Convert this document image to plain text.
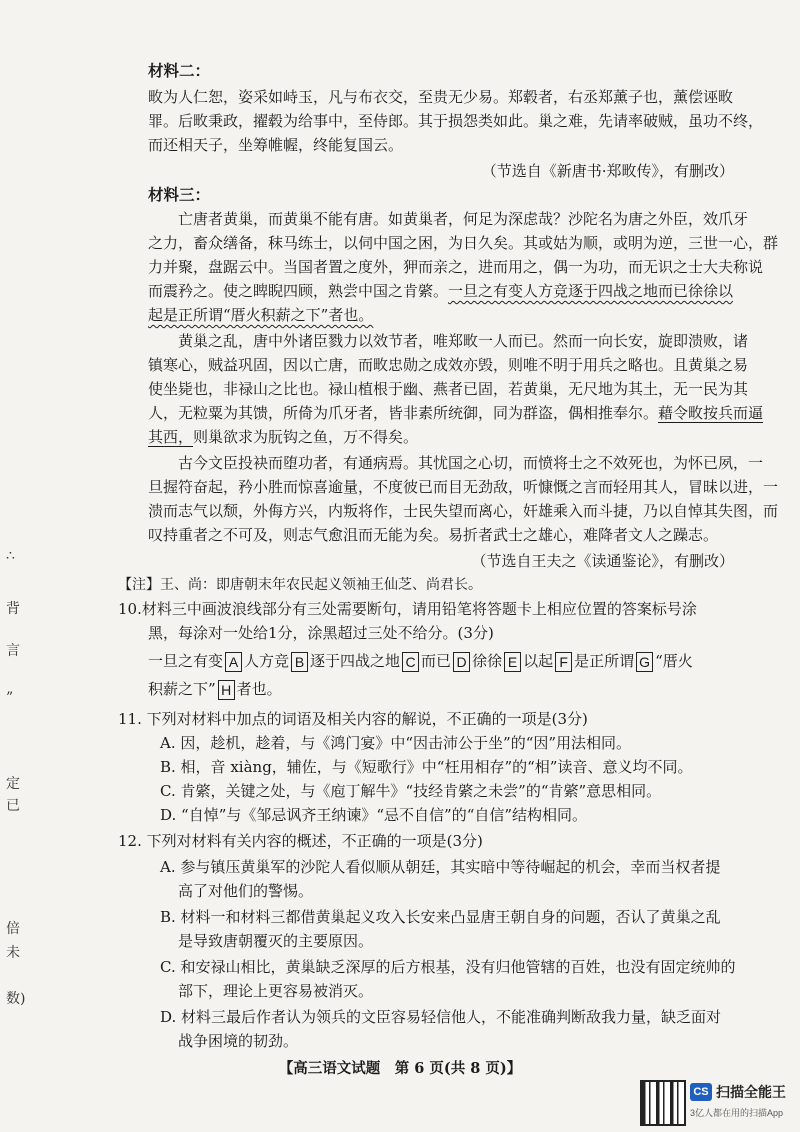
∴
背
言
”
定
已
倍
未
数)
材料二：
畋为人仁恕，姿采如峙玉，凡与布衣交，至贵无少易。郑毂者，右丞郑薰子也，薰偿诬畋
罪。后畋秉政，擢毂为给事中，至侍郎。其于损怨类如此。巢之难，先请率破贼，虽功不终，
而还相天子，坐筹帷幄，终能复国云。
（节选自《新唐书·郑畋传》，有删改）
材料三：
亡唐者黄巢，而黄巢不能有唐。如黄巢者，何足为深虑哉？沙陀名为唐之外臣，效爪牙
之力，畜众缮备，秣马练士，以伺中国之困，为日久矣。其或姑为顺，或明为逆，三世一心，群
力并聚，盘踞云中。当国者置之度外，狎而亲之，进而用之，偶一为功，而无识之士大夫称说
而震矜之。使之睥睨四顾，熟尝中国之肯綮。一旦之有变人方竞逐于四战之地而已徐徐以
起是正所谓“厝火积薪之下”者也。
黄巢之乱，唐中外诸臣戮力以效节者，唯郑畋一人而已。然而一向长安，旋即溃败，诸
镇寒心，贼益巩固，因以亡唐，而畋忠勋之成效亦毁，则唯不明于用兵之略也。且黄巢之易
使坐毙也，非禄山之比也。禄山植根于幽、燕者已固，若黄巢，无尺地为其土，无一民为其
人，无粒粟为其馈，所倚为爪牙者，皆非素所统御，同为群盗，偶相推奉尔。藉令畋按兵而逼
其西，则巢欲求为朊钩之鱼，万不得矣。
古今文臣投袂而堕功者，有通病焉。其忧国之心切，而愤将士之不效死也，为怀已夙，一
旦握符奋起，矜小胜而惊喜逾量，不度彼已而目无劲敌，听慷慨之言而轻用其人，冒昧以进，一
溃而志气以颓，外侮方兴，内叛将作，士民失望而离心，奸雄乘入而斗捷，乃以自悼其失图，而
叹持重者之不可及，则志气愈沮而无能为矣。易折者武士之雄心，难降者文人之躁志。
（节选自王夫之《读通鉴论》，有删改）
【注】王、尚：即唐朝末年农民起义领袖王仙芝、尚君长。
10.材料三中画波浪线部分有三处需要断句，请用铅笔将答题卡上相应位置的答案标号涂
黑，每涂对一处给1分，涂黑超过三处不给分。(3分)
一旦之有变 A 人方竞 B 逐于四战之地 C 而已 D 徐徐 E 以起 F 是正所谓 G “厝火
积薪之下” H 者也。
11. 下列对材料中加点的词语及相关内容的解说，不正确的一项是(3分)
A. 因，趁机，趁着，与《鸿门宴》中“因击沛公于坐”的“因”用法相同。
B. 相，音 xiàng，辅佐，与《短歌行》中“枉用相存”的“相”读音、意义均不同。
C. 肯綮，关键之处，与《庖丁解牛》“技经肯綮之未尝”的“肯綮”意思相同。
D. “自悼”与《邹忌讽齐王纳谏》“忌不自信”的“自信”结构相同。
12. 下列对材料有关内容的概述，不正确的一项是(3分)
A. 参与镇压黄巢军的沙陀人看似顺从朝廷，其实暗中等待崛起的机会，幸而当权者提
高了对他们的警惕。
B. 材料一和材料三都借黄巢起义攻入长安来凸显唐王朝自身的问题，否认了黄巢之乱
是导致唐朝覆灭的主要原因。
C. 和安禄山相比，黄巢缺乏深厚的后方根基，没有归他管辖的百姓，也没有固定统帅的
部下，理论上更容易被消灭。
D. 材料三最后作者认为领兵的文臣容易轻信他人，不能准确判断敌我力量，缺乏面对
战争困境的韧劲。
【高三语文试题　第 6 页(共 8 页)】
CS 扫描全能王
3亿人都在用的扫描App
